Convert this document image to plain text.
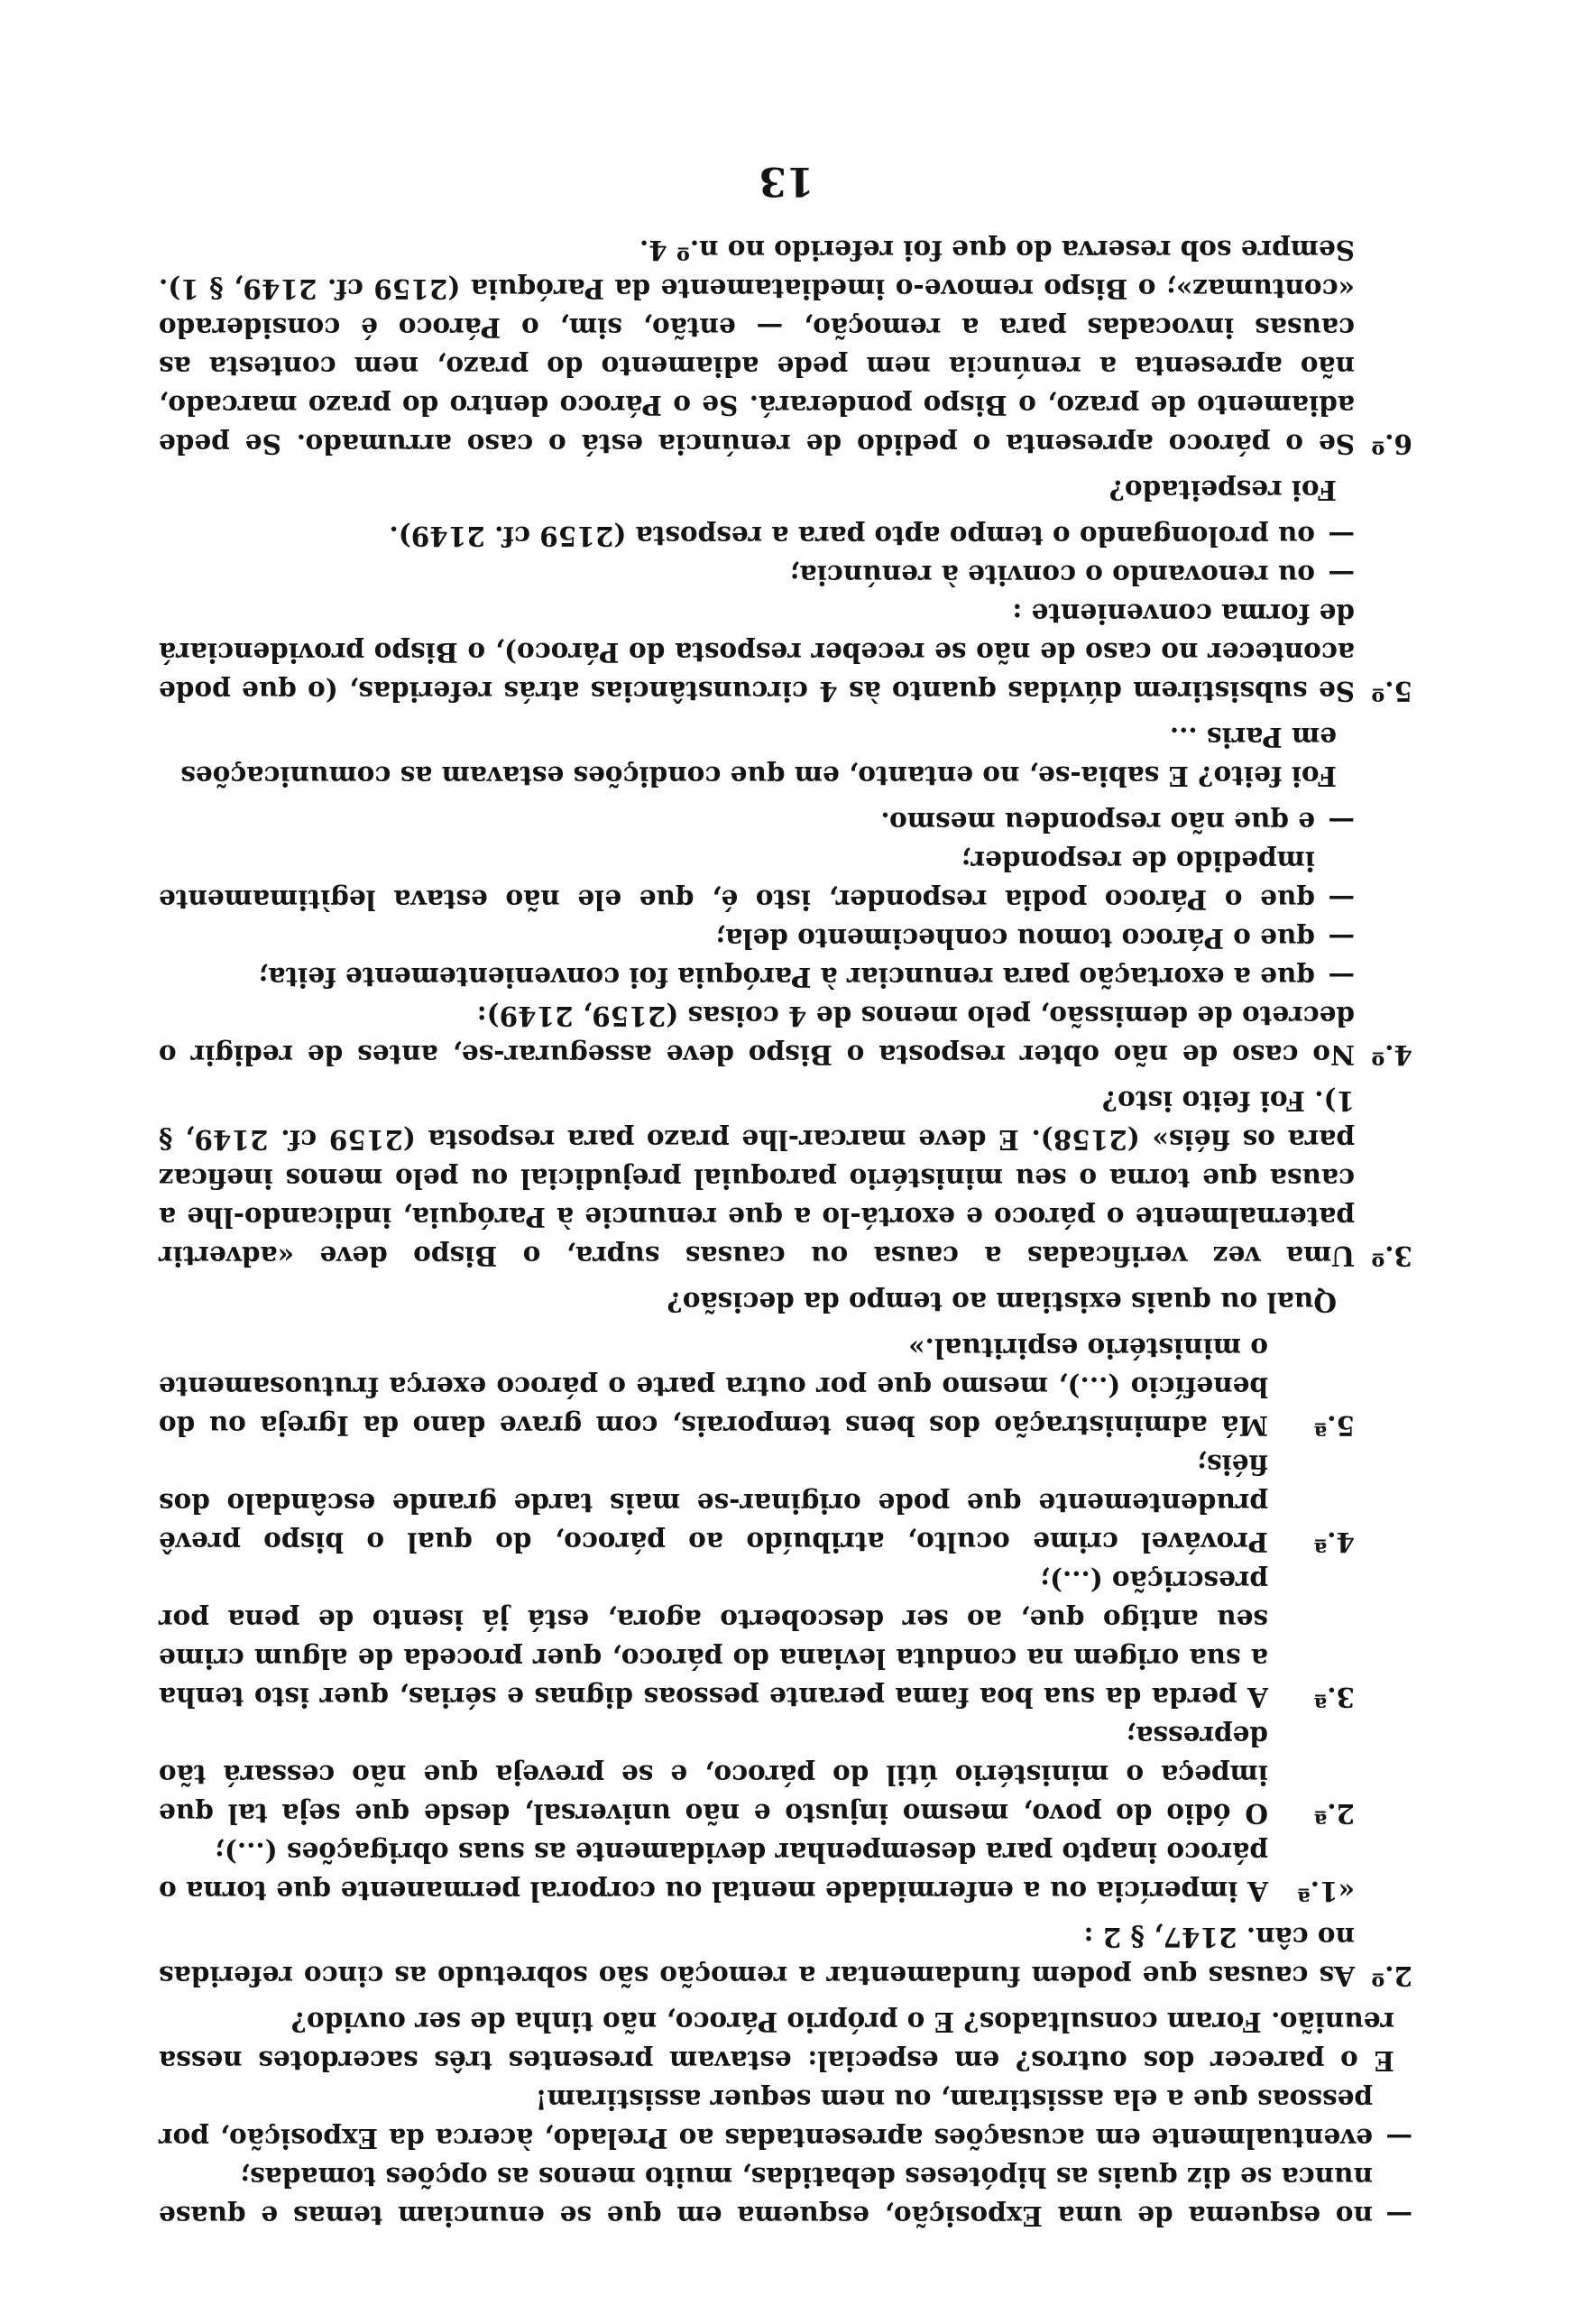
— no esquema de uma Exposição, esquema em que se enunciam temas e quase nunca se diz quais as hipóteses debatidas, muito menos as opções tomadas;

— eventualmente em acusações apresentadas ao Prelado, àcerca da Exposição, por pessoas que a ela assistiram, ou nem sequer assistiram!

E o parecer dos outros? em especial: estavam presentes três sacerdotes nessa reunião. Foram consultados? E o próprio Pároco, não tinha de ser ouvido?

2.º
As causas que podem fundamentar a remoção são sobretudo as cinco referidas no cân. 2147, § 2 :
«1.ª
A imperícia ou a enfermidade mental ou corporal permanente que torna o pároco inapto para desempenhar devidamente as suas obrigações (...);
2.ª
O ódio do povo, mesmo injusto e não universal, desde que seja tal que impeça o ministério útil do pároco, e se preveja que não cessará tão depressa;
3.ª
A perda da sua boa fama perante pessoas dignas e sérias, quer isto tenha a sua origem na conduta leviana do pároco, quer proceda de algum crime seu antigo que, ao ser descoberto agora, está já isento de pena por prescrição (...);
4.ª
Provável crime oculto, atribuído ao pároco, do qual o bispo prevê prudentemente que pode originar-se mais tarde grande escândalo dos fiéis;
5.ª
Má administração dos bens temporais, com grave dano da Igreja ou do benefício (...), mesmo que por outra parte o pároco exerça frutuosamente o ministério espiritual.»

Qual ou quais existiam ao tempo da decisão?

3.º
Uma vez verificadas a causa ou causas supra, o Bispo deve «advertir paternalmente o pároco e exortá-lo a que renuncie à Paróquia, indicando-lhe a causa que torna o seu ministério paroquial prejudicial ou pelo menos ineficaz para os fiéis» (2158). E deve marcar-lhe prazo para resposta (2159 cf. 2149, § 1). Foi feito isto?
4.º
No caso de não obter resposta o Bispo deve assegurar-se, antes de redigir o decreto de demissão, pelo menos de 4 coisas (2159, 2149):

— que a exortação para renunciar à Paróquia foi convenientemente feita;

— que o Pároco tomou conhecimento dela;

— que o Pároco podia responder, isto é, que ele não estava legìtimamente impedido de responder;

— e que não respondeu mesmo.

Foi feito? E sabia-se, no entanto, em que condições estavam as comunicações em Paris ...

5.º
Se subsistirem dúvidas quanto às 4 circunstâncias atrás referidas, (o que pode acontecer no caso de não se receber resposta do Pároco), o Bispo providenciará de forma conveniente :

— ou renovando o convite à renúncia;

— ou prolongando o tempo apto para a resposta (2159 cf. 2149).

Foi respeitado?

6.º
Se o pároco apresenta o pedido de renúncia está o caso arrumado. Se pede adiamento de prazo, o Bispo ponderará. Se o Pároco dentro do prazo marcado, não apresenta a renúncia nem pede adiamento do prazo, nem contesta as causas invocadas para a remoção, — então, sim, o Pároco é considerado «contumaz»; o Bispo remove-o imediatamente da Paróquia (2159 cf. 2149, § 1). Sempre sob reserva do que foi referido no n.º 4.
13
